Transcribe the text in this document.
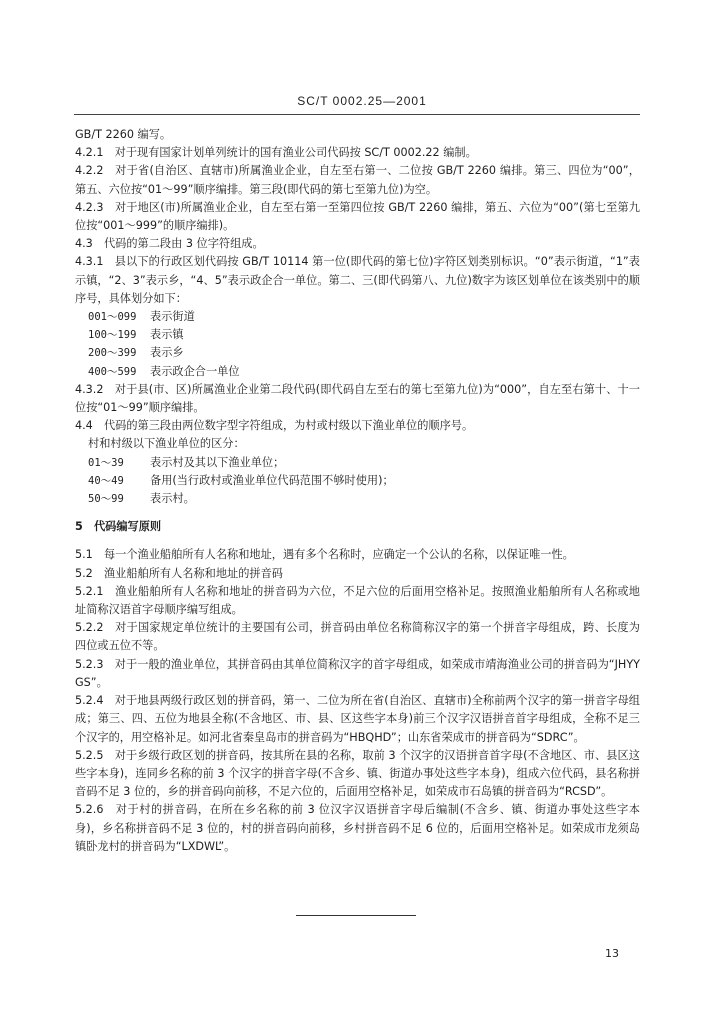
SC/T 0002.25—2001

GB/T 2260 编写。

4.2.1　对于现有国家计划单列统计的国有渔业公司代码按 SC/T 0002.22 编制。

4.2.2　对于省(自治区、直辖市)所属渔业企业，自左至右第一、二位按 GB/T 2260 编排。第三、四位为“00”，第五、六位按“01～99”顺序编排。第三段(即代码的第七至第九位)为空。

4.2.3　对于地区(市)所属渔业企业，自左至右第一至第四位按 GB/T 2260 编排，第五、六位为“00”(第七至第九位按“001～999”的顺序编排)。

4.3　代码的第二段由 3 位字符组成。

4.3.1　县以下的行政区划代码按 GB/T 10114 第一位(即代码的第七位)字符区划类别标识。“0”表示街道，“1”表示镇，“2、3”表示乡，“4、5”表示政企合一单位。第二、三(即代码第八、九位)数字为该区划单位在该类别中的顺序号，具体划分如下：

001～099 表示街道

100～199 表示镇

200～399 表示乡

400～599 表示政企合一单位

4.3.2　对于县(市、区)所属渔业企业第二段代码(即代码自左至右的第七至第九位)为“000”，自左至右第十、十一位按“01～99”顺序编排。

4.4　代码的第三段由两位数字型字符组成，为村或村级以下渔业单位的顺序号。

村和村级以下渔业单位的区分：

01～39 表示村及其以下渔业单位；

40～49 备用(当行政村或渔业单位代码范围不够时使用)；

50～99 表示村。

5　代码编写原则

5.1　每一个渔业船舶所有人名称和地址，遇有多个名称时，应确定一个公认的名称，以保证唯一性。

5.2　渔业船舶所有人名称和地址的拼音码

5.2.1　渔业船舶所有人名称和地址的拼音码为六位，不足六位的后面用空格补足。按照渔业船舶所有人名称或地址简称汉语首字母顺序编写组成。

5.2.2　对于国家规定单位统计的主要国有公司，拼音码由单位名称简称汉字的第一个拼音字母组成，跨、长度为四位或五位不等。

5.2.3　对于一般的渔业单位，其拼音码由其单位简称汉字的首字母组成，如荣成市靖海渔业公司的拼音码为“JHYYGS”。

5.2.4　对于地县两级行政区划的拼音码，第一、二位为所在省(自治区、直辖市)全称前两个汉字的第一拼音字母组成；第三、四、五位为地县全称(不含地区、市、县、区这些字本身)前三个汉字汉语拼音首字母组成，全称不足三个汉字的，用空格补足。如河北省秦皇岛市的拼音码为“HBQHD”；山东省荣成市的拼音码为“SDRC”。

5.2.5　对于乡级行政区划的拼音码，按其所在县的名称，取前 3 个汉字的汉语拼音首字母(不含地区、市、县区这些字本身)，连同乡名称的前 3 个汉字的拼音字母(不含乡、镇、街道办事处这些字本身)，组成六位代码，县名称拼音码不足 3 位的，乡的拼音码向前移，不足六位的，后面用空格补足，如荣成市石岛镇的拼音码为“RCSD”。

5.2.6　对于村的拼音码，在所在乡名称的前 3 位汉字汉语拼音字母后编制(不含乡、镇、街道办事处这些字本身)，乡名称拼音码不足 3 位的，村的拼音码向前移，乡村拼音码不足 6 位的，后面用空格补足。如荣成市龙须岛镇卧龙村的拼音码为“LXDWL”。

13
